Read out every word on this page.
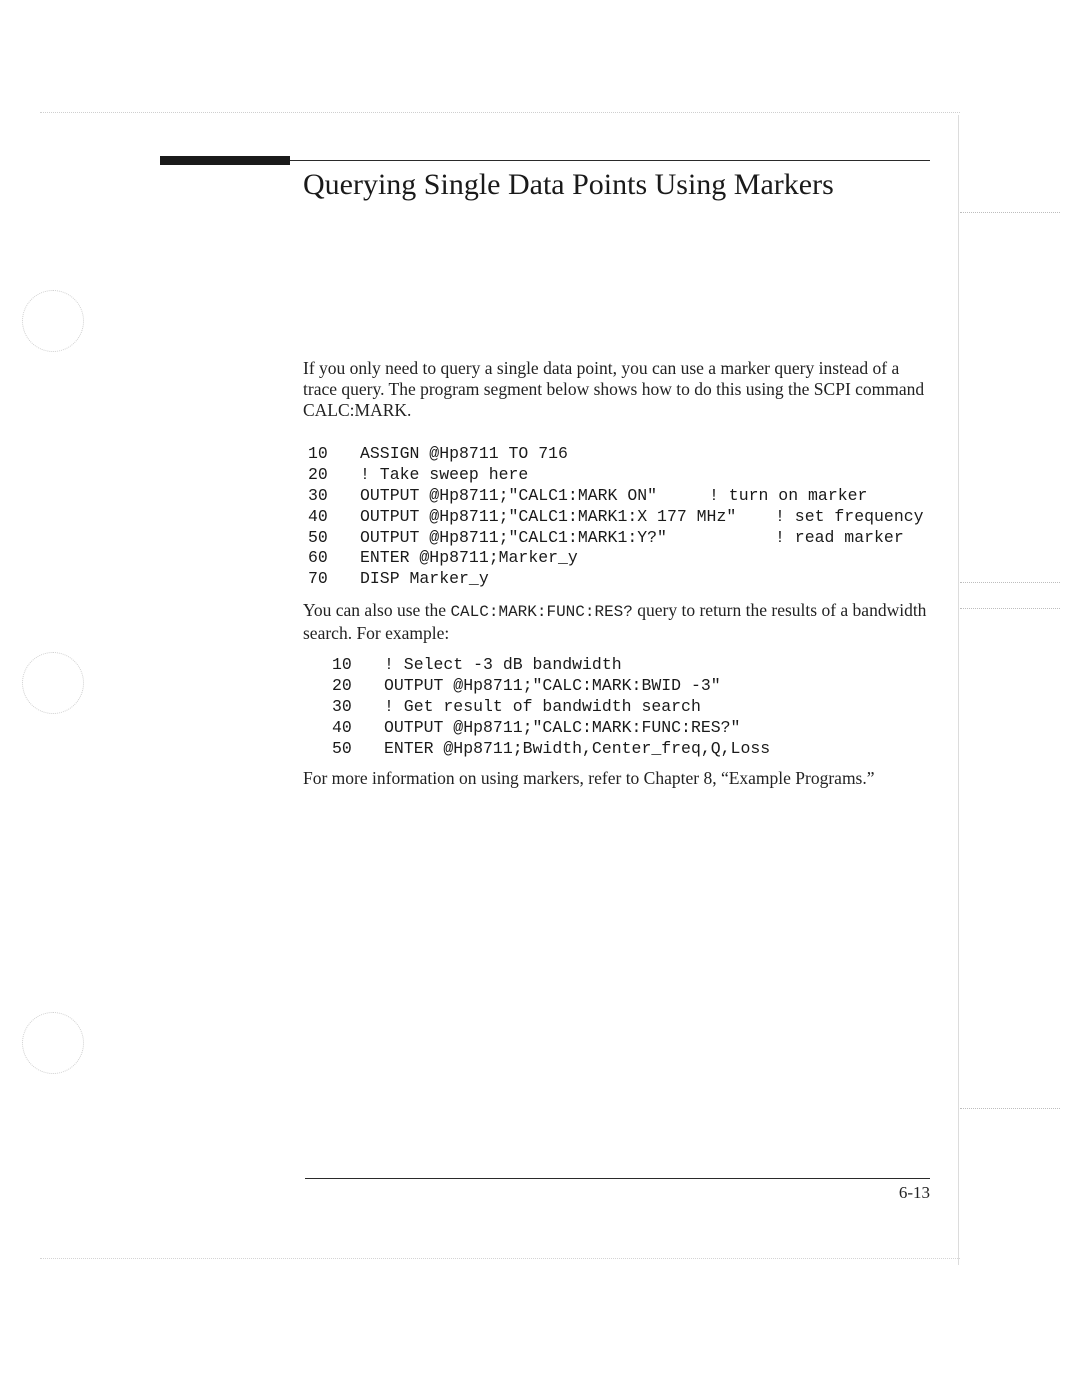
Querying Single Data Points Using Markers

If you only need to query a single data point, you can use a marker query instead of a trace query. The program segment below shows how to do this using the SCPI command CALC:MARK.

10	ASSIGN @Hp8711 TO 716
20	! Take sweep here
30	OUTPUT @Hp8711;"CALC1:MARK ON"	! turn on marker
40	OUTPUT @Hp8711;"CALC1:MARK1:X 177 MHz"	! set frequency
50	OUTPUT @Hp8711;"CALC1:MARK1:Y?"	! read marker
60	ENTER @Hp8711;Marker_y
70	DISP Marker_y

You can also use the CALC:MARK:FUNC:RES? query to return the results of a bandwidth search. For example:

10	! Select -3 dB bandwidth
20	OUTPUT @Hp8711;"CALC:MARK:BWID -3"
30	! Get result of bandwidth search
40	OUTPUT @Hp8711;"CALC:MARK:FUNC:RES?"
50	ENTER @Hp8711;Bwidth,Center_freq,Q,Loss

For more information on using markers, refer to Chapter 8, “Example Programs.”

6-13
